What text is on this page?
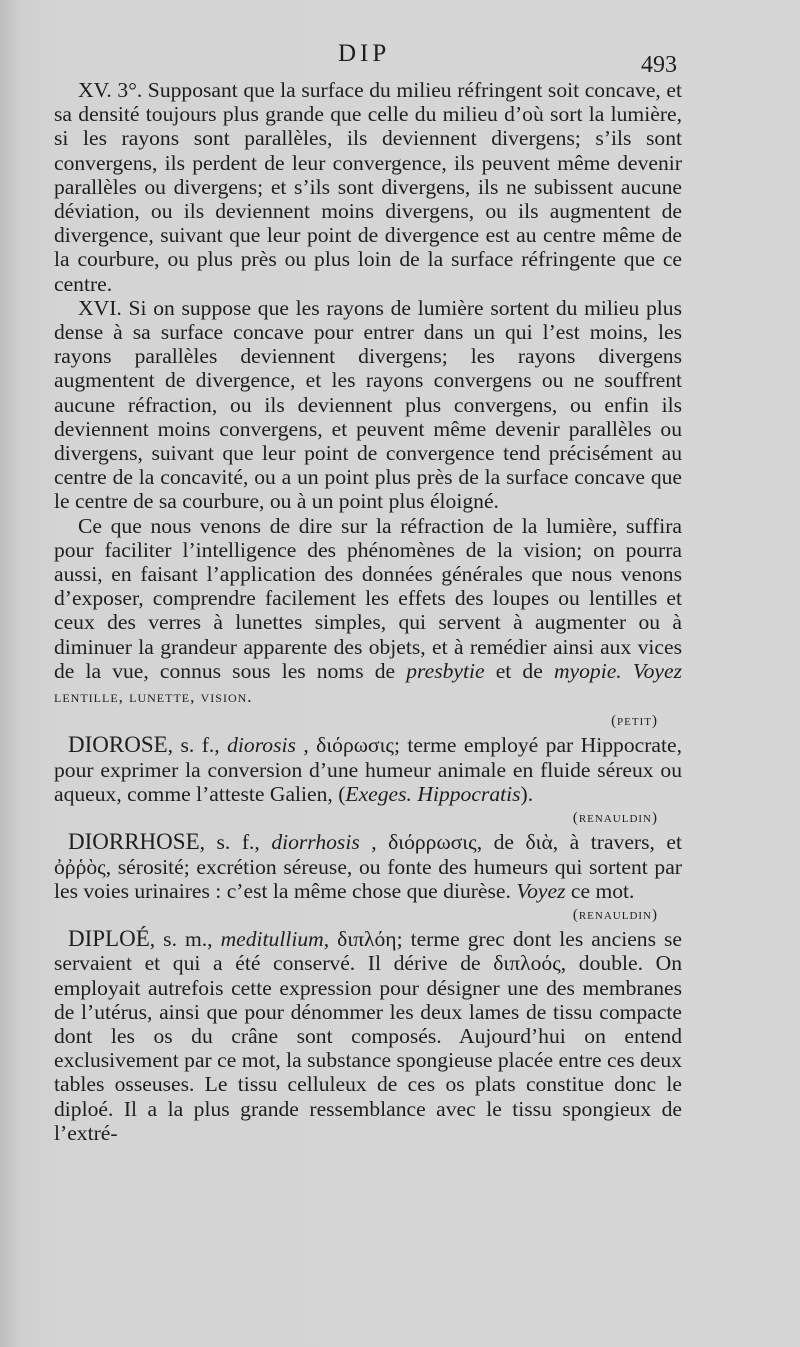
DIP	493

XV. 3°. Supposant que la surface du milieu réfringent soit concave, et sa densité toujours plus grande que celle du milieu d’où sort la lumière, si les rayons sont parallèles, ils deviennent divergens; s’ils sont convergens, ils perdent de leur convergence, ils peuvent même devenir parallèles ou divergens; et s’ils sont divergens, ils ne subissent aucune déviation, ou ils deviennent moins divergens, ou ils augmentent de divergence, suivant que leur point de divergence est au centre même de la courbure, ou plus près ou plus loin de la surface réfringente que ce centre.

XVI. Si on suppose que les rayons de lumière sortent du milieu plus dense à sa surface concave pour entrer dans un qui l’est moins, les rayons parallèles deviennent divergens; les rayons divergens augmentent de divergence, et les rayons convergens ou ne souffrent aucune réfraction, ou ils deviennent plus convergens, ou enfin ils deviennent moins convergens, et peuvent même devenir parallèles ou divergens, suivant que leur point de convergence tend précisément au centre de la concavité, ou a un point plus près de la surface concave que le centre de sa courbure, ou à un point plus éloigné.

Ce que nous venons de dire sur la réfraction de la lumière, suffira pour faciliter l’intelligence des phénomènes de la vision; on pourra aussi, en faisant l’application des données générales que nous venons d’exposer, comprendre facilement les effets des loupes ou lentilles et ceux des verres à lunettes simples, qui servent à augmenter ou à diminuer la grandeur apparente des objets, et à remédier ainsi aux vices de la vue, connus sous les noms de presbytie et de myopie. Voyez lentille, lunette, vision.
(petit)

DIOROSE, s. f., diorosis , διόρωσις; terme employé par Hippocrate, pour exprimer la conversion d’une humeur animale en fluide séreux ou aqueux, comme l’atteste Galien, (Exeges. Hippocratis).
(renauldin)

DIORRHOSE, s. f., diorrhosis , διόρρωσις, de διὰ, à travers, et ὀῤῥὸς, sérosité; excrétion séreuse, ou fonte des humeurs qui sortent par les voies urinaires : c’est la même chose que diurèse. Voyez ce mot.
(renauldin)

DIPLOÉ, s. m., meditullium, διπλόη; terme grec dont les anciens se servaient et qui a été conservé. Il dérive de διπλοός, double. On employait autrefois cette expression pour désigner une des membranes de l’utérus, ainsi que pour dénommer les deux lames de tissu compacte dont les os du crâne sont composés. Aujourd’hui on entend exclusivement par ce mot, la substance spongieuse placée entre ces deux tables osseuses. Le tissu celluleux de ces os plats constitue donc le diploé. Il a la plus grande ressemblance avec le tissu spongieux de l’extré-
